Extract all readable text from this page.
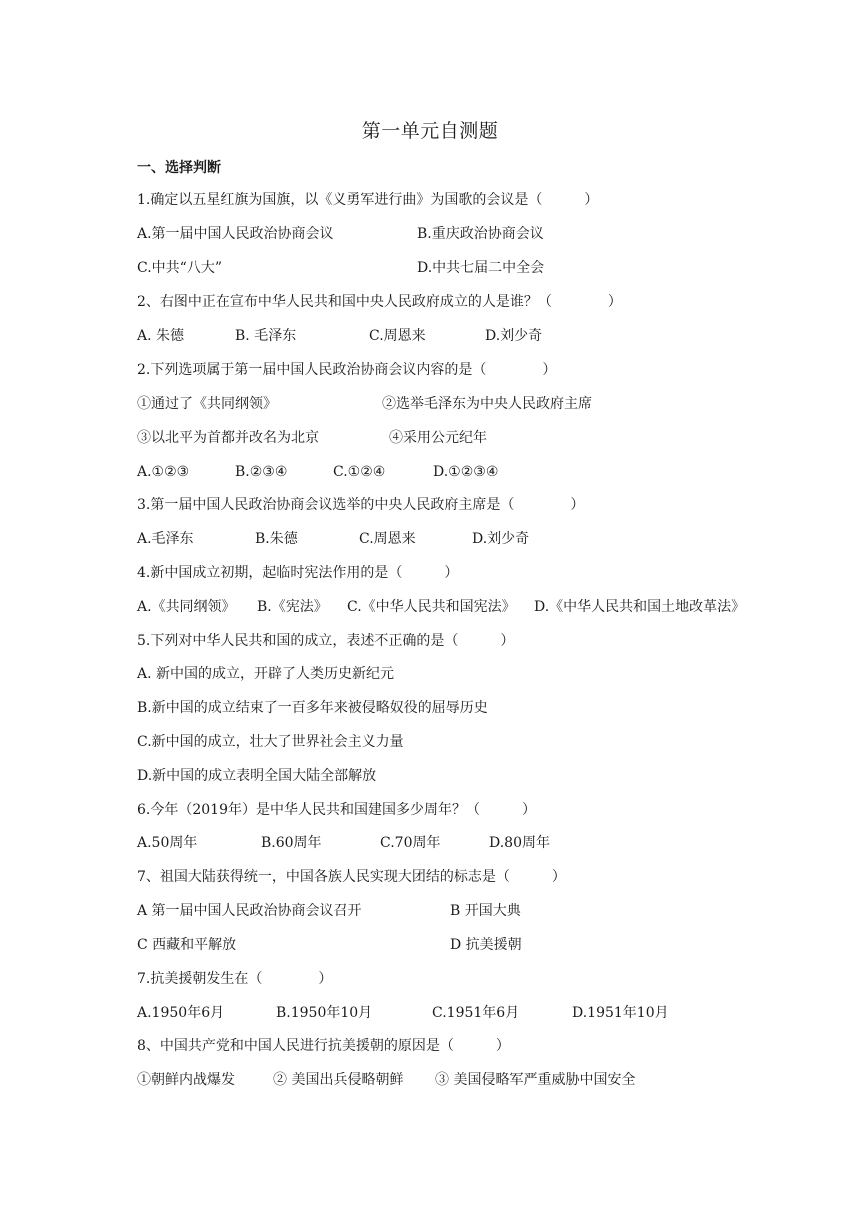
第一单元自测题
一、选择判断
1.确定以五星红旗为国旗，以《义勇军进行曲》为国歌的会议是（　　　）
A.第一届中国人民政治协商会议	B.重庆政治协商会议
C.中共“八大”	D.中共七届二中全会
2、右图中正在宣布中华人民共和国中央人民政府成立的人是谁？（　　　　）
A. 朱德	B. 毛泽东	C.周恩来	D.刘少奇
2.下列选项属于第一届中国人民政治协商会议内容的是（　　　　）
①通过了《共同纲领》	②选举毛泽东为中央人民政府主席
③以北平为首都并改名为北京	④采用公元纪年
A.①②③	B.②③④	C.①②④	D.①②③④
3.第一届中国人民政治协商会议选举的中央人民政府主席是（　　　　）
A.毛泽东	B.朱德	C.周恩来	D.刘少奇
4.新中国成立初期，起临时宪法作用的是（　　　）
A.《共同纲领》 B.《宪法》 C.《中华人民共和国宪法》 D.《中华人民共和国土地改革法》
5.下列对中华人民共和国的成立，表述不正确的是（　　　）
A. 新中国的成立，开辟了人类历史新纪元
B.新中国的成立结束了一百多年来被侵略奴役的屈辱历史
C.新中国的成立，壮大了世界社会主义力量
D.新中国的成立表明全国大陆全部解放
6.今年（2019年）是中华人民共和国建国多少周年？（　　　）
A.50周年	B.60周年	C.70周年	D.80周年
7、祖国大陆获得统一，中国各族人民实现大团结的标志是（　　　）
A 第一届中国人民政治协商会议召开	B 开国大典
C 西藏和平解放	D 抗美援朝
7.抗美援朝发生在（　　　　）
A.1950年6月	B.1950年10月	C.1951年6月	D.1951年10月
8、中国共产党和中国人民进行抗美援朝的原因是（　　　）
①朝鲜内战爆发	② 美国出兵侵略朝鲜 ③ 美国侵略军严重威胁中国安全
